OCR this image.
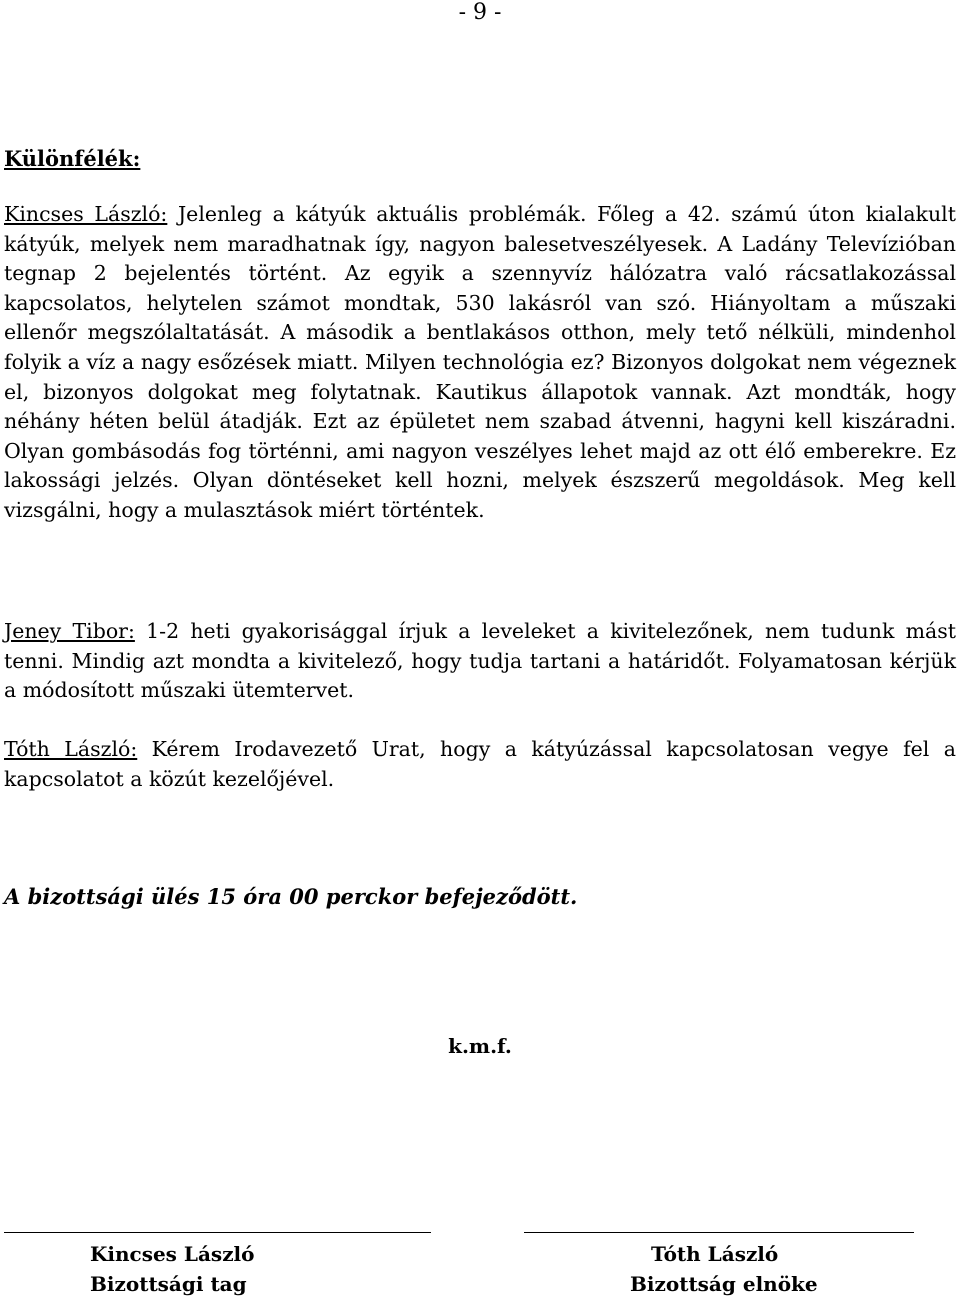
- 9 -

Különfélék:

Kincses László: Jelenleg a kátyúk aktuális problémák. Főleg a 42. számú úton kialakult kátyúk, melyek nem maradhatnak így, nagyon balesetveszélyesek. A Ladány Televízióban tegnap 2 bejelentés történt. Az egyik a szennyvíz hálózatra való rácsatlakozással kapcsolatos, helytelen számot mondtak, 530 lakásról van szó. Hiányoltam a műszaki ellenőr megszólaltatását. A második a bentlakásos otthon, mely tető nélküli, mindenhol folyik a víz a nagy esőzések miatt. Milyen technológia ez? Bizonyos dolgokat nem végeznek el, bizonyos dolgokat meg folytatnak. Kautikus állapotok vannak. Azt mondták, hogy néhány héten belül átadják. Ezt az épületet nem szabad átvenni, hagyni kell kiszáradni. Olyan gombásodás fog történni, ami nagyon veszélyes lehet majd az ott élő emberekre. Ez lakossági jelzés. Olyan döntéseket kell hozni, melyek észszerű megoldások. Meg kell vizsgálni, hogy a mulasztások miért történtek.

Jeney Tibor: 1-2 heti gyakorisággal írjuk a leveleket a kivitelezőnek, nem tudunk mást tenni. Mindig azt mondta a kivitelező, hogy tudja tartani a határidőt. Folyamatosan kérjük a módosított műszaki ütemtervet.

Tóth László: Kérem Irodavezető Urat, hogy a kátyúzással kapcsolatosan vegye fel a kapcsolatot a közút kezelőjével.

A bizottsági ülés 15 óra 00 perckor befejeződött.

k.m.f.

Kincses László
Bizottsági tag
Tóth László
Bizottság elnöke
